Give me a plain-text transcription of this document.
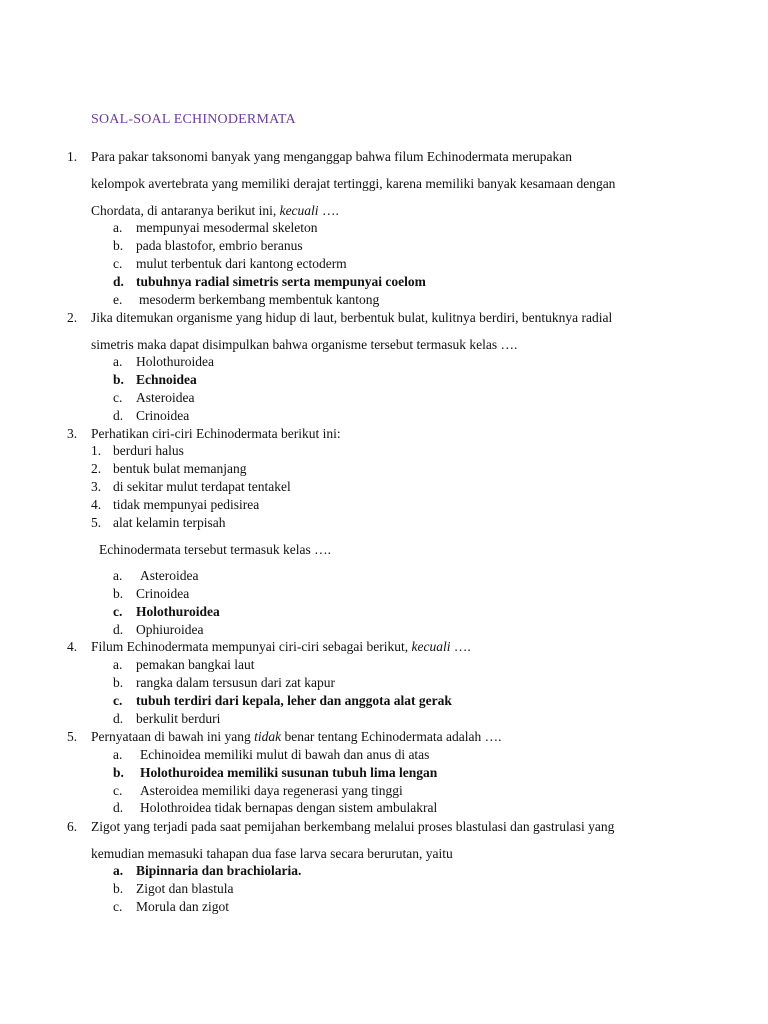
SOAL-SOAL ECHINODERMATA
1. Para pakar taksonomi banyak yang menganggap bahwa filum Echinodermata merupakan
kelompok avertebrata yang memiliki derajat tertinggi, karena memiliki banyak kesamaan dengan
Chordata, di antaranya berikut ini, kecuali ….
a. mempunyai mesodermal skeleton
b. pada blastofor, embrio beranus
c. mulut terbentuk dari kantong ectoderm
d. tubuhnya radial simetris serta mempunyai coelom
e. mesoderm berkembang membentuk kantong
2. Jika ditemukan organisme yang hidup di laut, berbentuk bulat, kulitnya berdiri, bentuknya radial
simetris maka dapat disimpulkan bahwa organisme tersebut termasuk kelas ….
a. Holothuroidea
b. Echnoidea
c. Asteroidea
d. Crinoidea
3. Perhatikan ciri-ciri Echinodermata berikut ini:
1. berduri halus
2. bentuk bulat memanjang
3. di sekitar mulut terdapat tentakel
4. tidak mempunyai pedisirea
5. alat kelamin terpisah
Echinodermata tersebut termasuk kelas ….
a. Asteroidea
b. Crinoidea
c. Holothuroidea
d. Ophiuroidea
4. Filum Echinodermata mempunyai ciri-ciri sebagai berikut, kecuali ….
a. pemakan bangkai laut
b. rangka dalam tersusun dari zat kapur
c. tubuh terdiri dari kepala, leher dan anggota alat gerak
d. berkulit berduri
5. Pernyataan di bawah ini yang tidak benar tentang Echinodermata adalah ….
a. Echinoidea memiliki mulut di bawah dan anus di atas
b. Holothuroidea memiliki susunan tubuh lima lengan
c. Asteroidea memiliki daya regenerasi yang tinggi
d. Holothroidea tidak bernapas dengan sistem ambulakral
6. Zigot yang terjadi pada saat pemijahan berkembang melalui proses blastulasi dan gastrulasi yang
kemudian memasuki tahapan dua fase larva secara berurutan, yaitu
a. Bipinnaria dan brachiolaria.
b. Zigot dan blastula
c. Morula dan zigot
